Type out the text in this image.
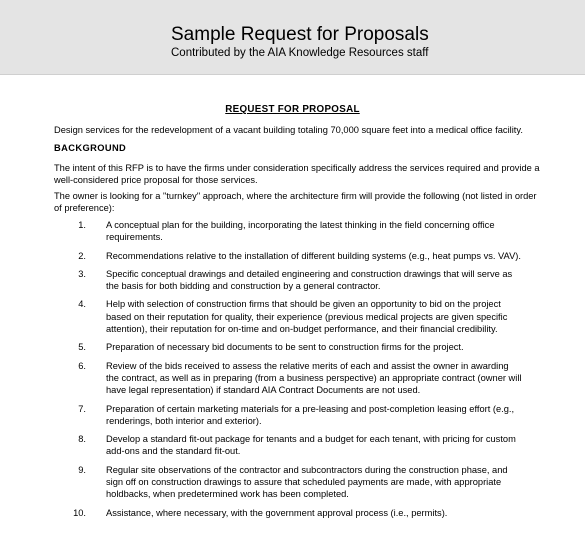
Sample Request for Proposals
Contributed by the AIA Knowledge Resources staff
REQUEST FOR PROPOSAL
Design services for the redevelopment of a vacant building totaling 70,000 square feet into a medical office facility.
BACKGROUND
The intent of this RFP is to have the firms under consideration specifically address the services required and provide a well-considered price proposal for those services.
The owner is looking for a "turnkey" approach, where the architecture firm will provide the following (not listed in order of preference):
1. A conceptual plan for the building, incorporating the latest thinking in the field concerning office requirements.
2. Recommendations relative to the installation of different building systems (e.g., heat pumps vs. VAV).
3. Specific conceptual drawings and detailed engineering and construction drawings that will serve as the basis for both bidding and construction by a general contractor.
4. Help with selection of construction firms that should be given an opportunity to bid on the project based on their reputation for quality, their experience (previous medical projects are given specific attention), their reputation for on-time and on-budget performance, and their financial credibility.
5. Preparation of necessary bid documents to be sent to construction firms for the project.
6. Review of the bids received to assess the relative merits of each and assist the owner in awarding the contract, as well as in preparing (from a business perspective) an appropriate contract (owner will have legal representation) if standard AIA Contract Documents are not used.
7. Preparation of certain marketing materials for a pre-leasing and post-completion leasing effort (e.g., renderings, both interior and exterior).
8. Develop a standard fit-out package for tenants and a budget for each tenant, with pricing for custom add-ons and the standard fit-out.
9. Regular site observations of the contractor and subcontractors during the construction phase, and sign off on construction drawings to assure that scheduled payments are made, with appropriate holdbacks, when predetermined work has been completed.
10. Assistance, where necessary, with the government approval process (i.e., permits).
